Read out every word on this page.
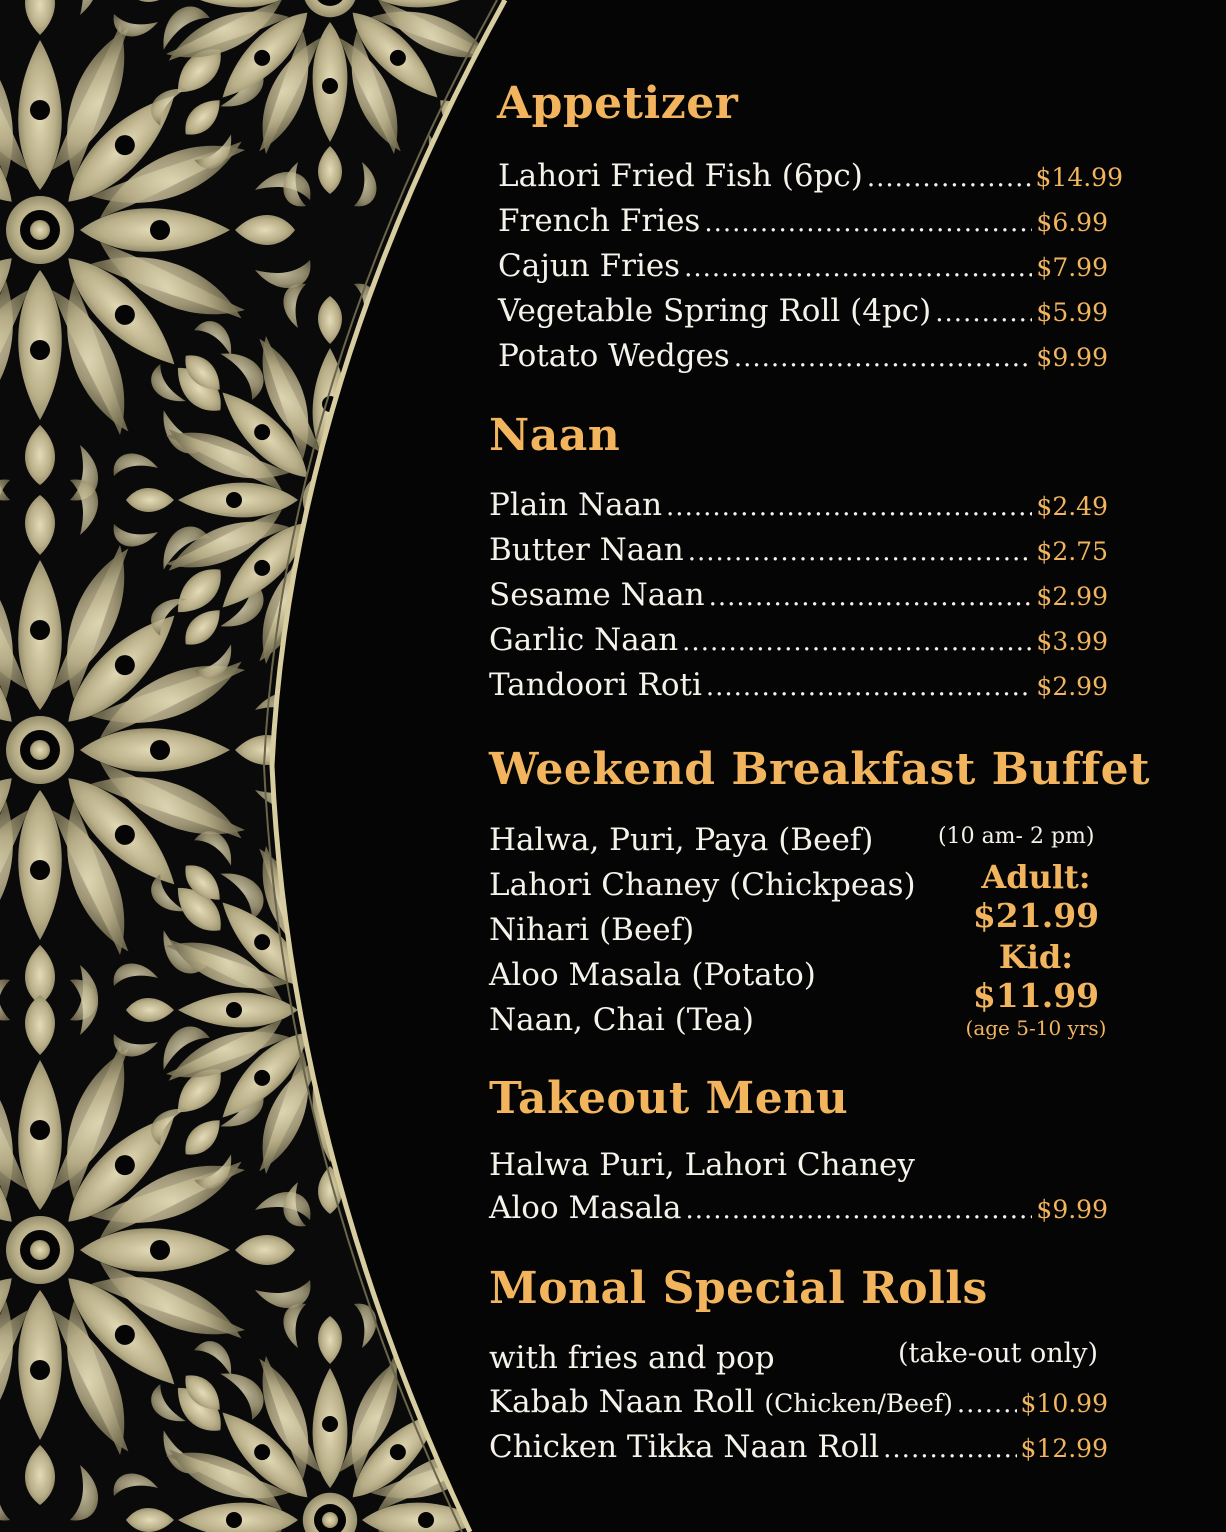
Appetizer
Lahori Fried Fish (6pc) .....	$14.99
French Fries .....	$6.99
Cajun Fries .....	$7.99
Vegetable Spring Roll (4pc) .....	$5.99
Potato Wedges .....	$9.99
Naan
Plain Naan .....	$2.49
Butter Naan .....	$2.75
Sesame Naan .....	$2.99
Garlic Naan .....	$3.99
Tandoori Roti .....	$2.99
Weekend Breakfast Buffet
Halwa, Puri, Paya (Beef)
Lahori Chaney (Chickpeas)
Nihari (Beef)
Aloo Masala (Potato)
Naan, Chai (Tea)
(10 am- 2 pm)
Adult:
$21.99
Kid:
$11.99
(age 5-10 yrs)
Takeout Menu
Halwa Puri, Lahori Chaney
Aloo Masala .....	$9.99
Monal Special Rolls
with fries and pop	(take-out only)
Kabab Naan Roll (Chicken/Beef) .....	$10.99
Chicken Tikka Naan Roll .....	$12.99
